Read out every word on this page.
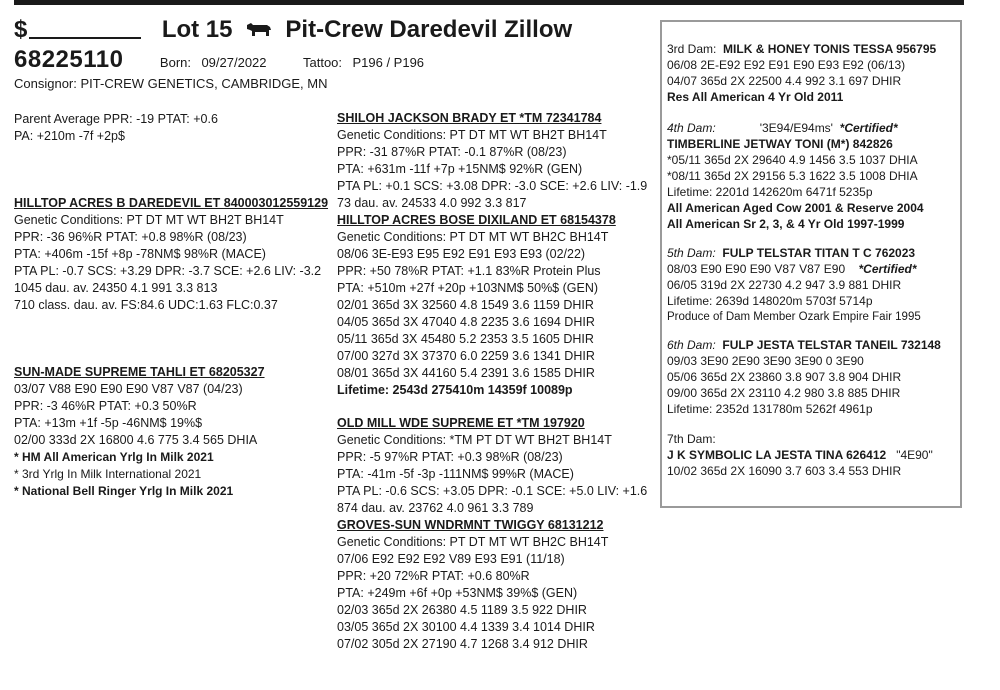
$	Lot 15 Pit-Crew Daredevil Zillow
68225110	Born: 09/27/2022	Tattoo: P196 / P196
Consignor: PIT-CREW GENETICS, CAMBRIDGE, MN
Parent Average PPR: -19 PTAT: +0.6
PA: +210m -7f +2p$
HILLTOP ACRES B DAREDEVIL ET 840003012559129
Genetic Conditions: PT DT MT WT BH2T BH14T
PPR: -36 96%R PTAT: +0.8 98%R (08/23)
PTA: +406m -15f +8p -78NM$ 98%R (MACE)
PTA PL: -0.7 SCS: +3.29 DPR: -3.7 SCE: +2.6 LIV: -3.2
1045 dau. av. 24350 4.1 991 3.3 813
710 class. dau. av. FS:84.6 UDC:1.63 FLC:0.37
SUN-MADE SUPREME TAHLI ET 68205327
03/07 V88 E90 E90 E90 V87 V87 (04/23)
PPR: -3 46%R PTAT: +0.3 50%R
PTA: +13m +1f -5p -46NM$ 19%$
02/00 333d 2X 16800 4.6 775 3.4 565 DHIA
* HM All American Yrlg In Milk 2021
* 3rd Yrlg In Milk International 2021
* National Bell Ringer Yrlg In Milk 2021
SHILOH JACKSON BRADY ET *TM 72341784
Genetic Conditions: PT DT MT WT BH2T BH14T
PPR: -31 87%R PTAT: -0.1 87%R (08/23)
PTA: +631m -11f +7p +15NM$ 92%R (GEN)
PTA PL: +0.1 SCS: +3.08 DPR: -3.0 SCE: +2.6 LIV: -1.9
73 dau. av. 24533 4.0 992 3.3 817
HILLTOP ACRES BOSE DIXILAND ET 68154378
Genetic Conditions: PT DT MT WT BH2C BH14T
08/06 3E-E93 E95 E92 E91 E93 E93 (02/22)
PPR: +50 78%R PTAT: +1.1 83%R Protein Plus
PTA: +510m +27f +20p +103NM$ 50%$ (GEN)
02/01 365d 3X 32560 4.8 1549 3.6 1159 DHIR
04/05 365d 3X 47040 4.8 2235 3.6 1694 DHIR
05/11 365d 3X 45480 5.2 2353 3.5 1605 DHIR
07/00 327d 3X 37370 6.0 2259 3.6 1341 DHIR
08/01 365d 3X 44160 5.4 2391 3.6 1585 DHIR
Lifetime: 2543d 275410m 14359f 10089p
OLD MILL WDE SUPREME ET *TM 197920
Genetic Conditions: *TM PT DT WT BH2T BH14T
PPR: -5 97%R PTAT: +0.3 98%R (08/23)
PTA: -41m -5f -3p -111NM$ 99%R (MACE)
PTA PL: -0.6 SCS: +3.05 DPR: -0.1 SCE: +5.0 LIV: +1.6
874 dau. av. 23762 4.0 961 3.3 789
GROVES-SUN WNDRMNT TWIGGY 68131212
Genetic Conditions: PT DT MT WT BH2C BH14T
07/06 E92 E92 E92 V89 E93 E91 (11/18)
PPR: +20 72%R PTAT: +0.6 80%R
PTA: +249m +6f +0p +53NM$ 39%$ (GEN)
02/03 365d 2X 26380 4.5 1189 3.5 922 DHIR
03/05 365d 2X 30100 4.4 1339 3.4 1014 DHIR
07/02 305d 2X 27190 4.7 1268 3.4 912 DHIR
3rd Dam: MILK & HONEY TONIS TESSA 956795
06/08 2E-E92 E92 E91 E90 E93 E92 (06/13)
04/07 365d 2X 22500 4.4 992 3.1 697 DHIR
Res All American 4 Yr Old 2011
4th Dam:	'3E94/E94ms' *Certified*
TIMBERLINE JETWAY TONI (M*) 842826
*05/11 365d 2X 29640 4.9 1456 3.5 1037 DHIA
*08/11 365d 2X 29156 5.3 1622 3.5 1008 DHIA
Lifetime: 2201d 142620m 6471f 5235p
All American Aged Cow 2001 & Reserve 2004
All American Sr 2, 3, & 4 Yr Old 1997-1999
5th Dam: FULP TELSTAR TITAN T C 762023
08/03 E90 E90 E90 V87 V87 E90 *Certified*
06/05 319d 2X 22730 4.2 947 3.9 881 DHIR
Lifetime: 2639d 148020m 5703f 5714p
Produce of Dam Member Ozark Empire Fair 1995
6th Dam: FULP JESTA TELSTAR TANEIL 732148
09/03 3E90 2E90 3E90 3E90 0 3E90
05/06 365d 2X 23860 3.8 907 3.8 904 DHIR
09/00 365d 2X 23110 4.2 980 3.8 885 DHIR
Lifetime: 2352d 131780m 5262f 4961p
7th Dam:
J K SYMBOLIC LA JESTA TINA 626412 "4E90"
10/02 365d 2X 16090 3.7 603 3.4 553 DHIR
